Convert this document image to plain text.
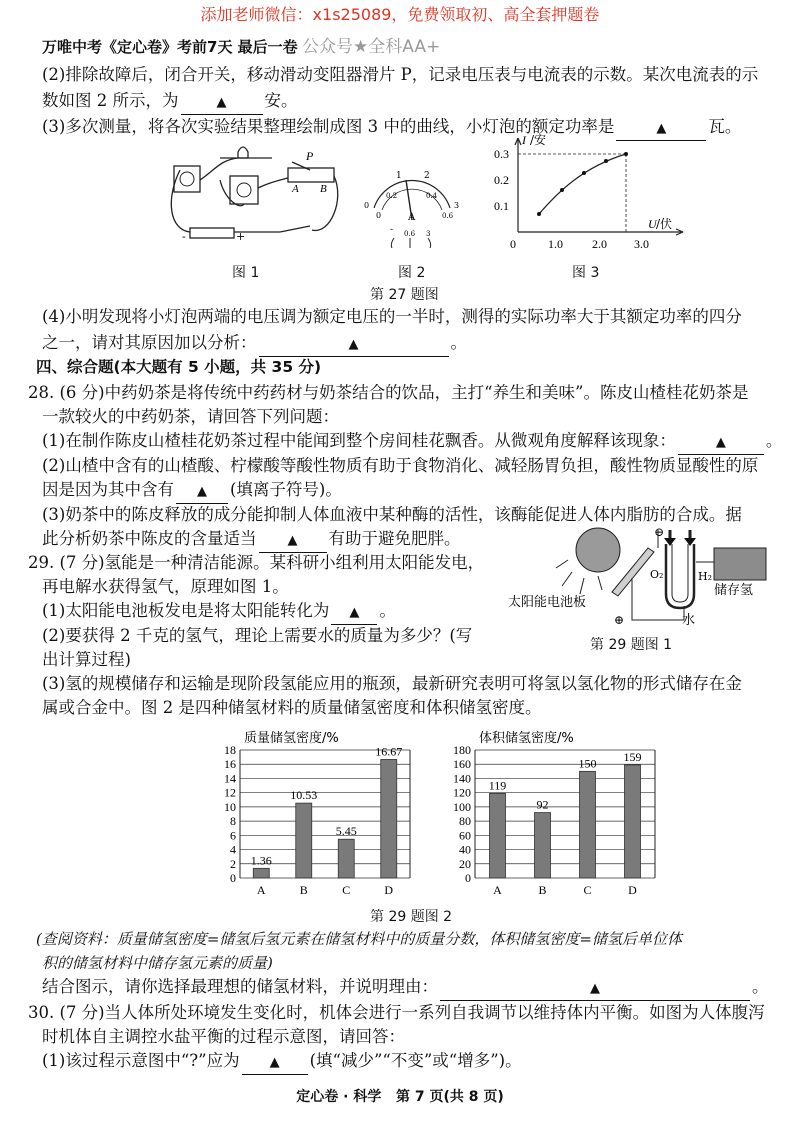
添加老师微信：x1s25089，免费领取初、高全套押题卷
万唯中考《定心卷》考前7天 最后一卷 公众号★全科AA+
(2)排除故障后，闭合开关，移动滑动变阻器滑片 P，记录电压表与电流表的示数。某次电流表的示
数如图 2 所示，为	▲ 安。
(3)多次测量，将各次实验结果整理绘制成图 3 中的曲线，小灯泡的额定功率是	▲	瓦。
P
A B
-	+
图 1
1 2
0
0.2	0.4
0.6
0	3
A
- 0.6 3
图 2
I /安
0.3
0.2
0.1
0	1.0 2.0 3.0
U /伏
图 3
第 27 题图
(4)小明发现将小灯泡两端的电压调为额定电压的一半时，测得的实际功率大于其额定功率的四分
之一，请对其原因加以分析：	▲	。
四、综合题(本大题有 5 小题，共 35 分)
28. (6 分)中药奶茶是将传统中药药材与奶茶结合的饮品，主打“养生和美味”。陈皮山楂桂花奶茶是
一款较火的中药奶茶，请回答下列问题：
(1)在制作陈皮山楂桂花奶茶过程中能闻到整个房间桂花飘香。从微观角度解释该现象：	▲ 。
(2)山楂中含有的山楂酸、柠檬酸等酸性物质有助于食物消化、减轻肠胃负担，酸性物质显酸性的原
因是因为其中含有 ▲ (填离子符号)。
(3)奶茶中的陈皮释放的成分能抑制人体血液中某种酶的活性，该酶能促进人体内脂肪的合成。据
此分析奶茶中陈皮的含量适当 ▲ 有助于避免肥胖。
29. (7 分)氢能是一种清洁能源。某科研小组利用太阳能发电，
再电解水获得氢气，原理如图 1。
(1)太阳能电池板发电是将太阳能转化为 ▲ 。
(2)要获得 2 千克的氢气，理论上需要水的质量为多少？(写
出计算过程)
⊖
⊕
O₂	H₂
储存氢
太阳能电池板
水
第 29 题图 1
(3)氢的规模储存和运输是现阶段氢能应用的瓶颈，最新研究表明可将氢以氢化物的形式储存在金
属或合金中。图 2 是四种储氢材料的质量储氢密度和体积储氢密度。
0
2
4
6
8
10
12
14
16
18
质量储氢密度/%
1.36
A
10.53
B
5.45
C
16.67
D
0
20
40
60
80
100
120
140
160
180
体积储氢密度/%
119
A
92
B
150
C
159
D
第 29 题图 2
(查阅资料：质量储氢密度=储氢后氢元素在储氢材料中的质量分数，体积储氢密度=储氢后单位体
积的储氢材料中储存氢元素的质量)
结合图示，请你选择最理想的储氢材料，并说明理由：	▲	。
30. (7 分)当人体所处环境发生变化时，机体会进行一系列自我调节以维持体内平衡。如图为人体腹泻
时机体自主调控水盐平衡的过程示意图，请回答：
(1)该过程示意图中“?”应为 ▲ (填“减少”“不变”或“增多”)。
定心卷 · 科学   第 7 页(共 8 页)
